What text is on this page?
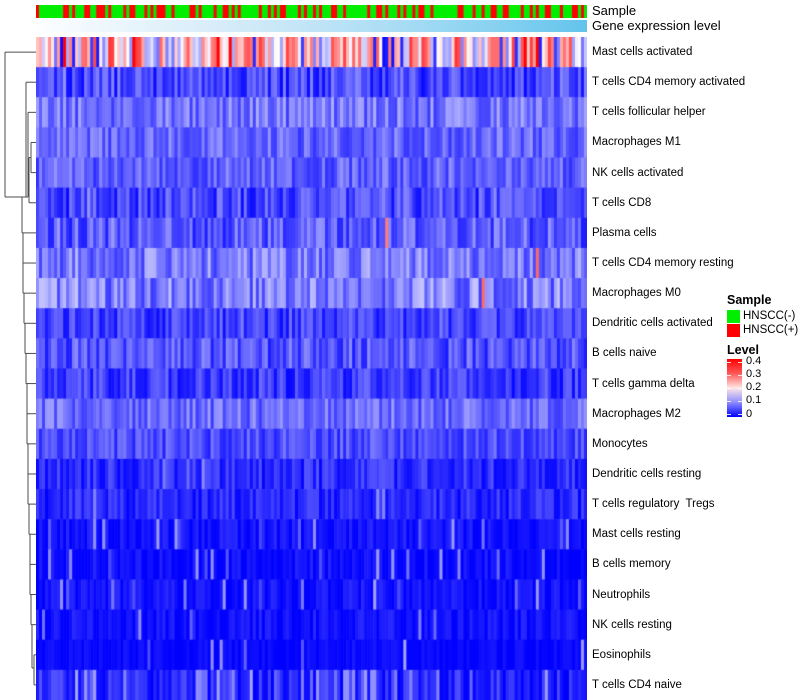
Sample
Gene expression level
Mast cells activated
T cells CD4 memory activated
T cells follicular helper
Macrophages M1
NK cells activated
T cells CD8
Plasma cells
T cells CD4 memory resting
Macrophages M0
Dendritic cells activated
B cells naive
T cells gamma delta
Macrophages M2
Monocytes
Dendritic cells resting
T cells regulatory  Tregs
Mast cells resting
B cells memory
Neutrophils
NK cells resting
Eosinophils
T cells CD4 naive
Sample
HNSCC(-)
HNSCC(+)
Level
0.4
0.3
0.2
0.1
0
